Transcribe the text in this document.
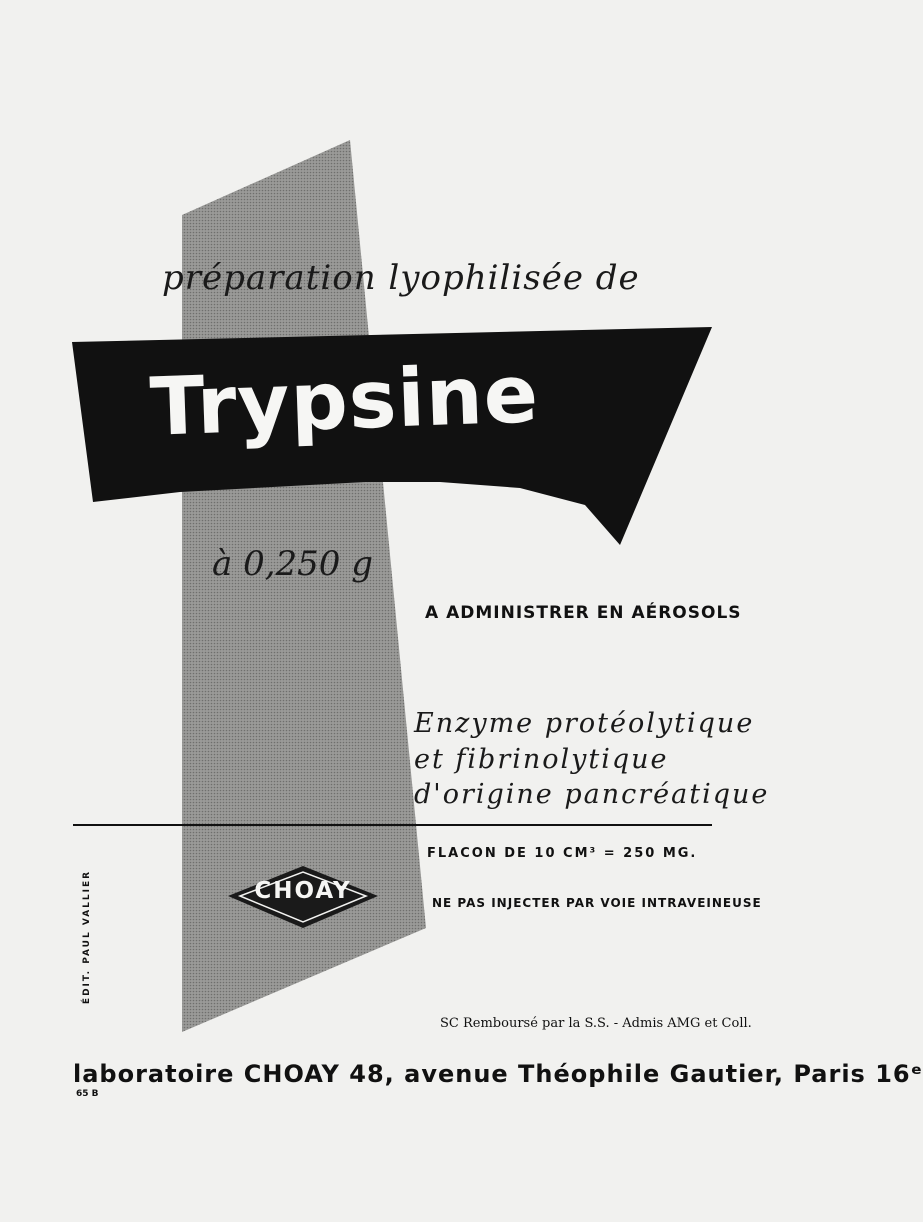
préparation lyophilisée de
Trypsine
à 0,250 g
A ADMINISTRER EN AÉROSOLS
Enzyme protéolytique
et fibrinolytique
d'origine pancréatique
FLACON DE 10 CM³ = 250 MG.
CHOAY	NE PAS INJECTER PAR VOIE INTRAVEINEUSE
ÉDIT. PAUL VALLIER
SC Remboursé par la S.S. - Admis AMG et Coll.
laboratoire CHOAY 48, avenue Théophile Gautier, Paris 16ᵉ
65 B
